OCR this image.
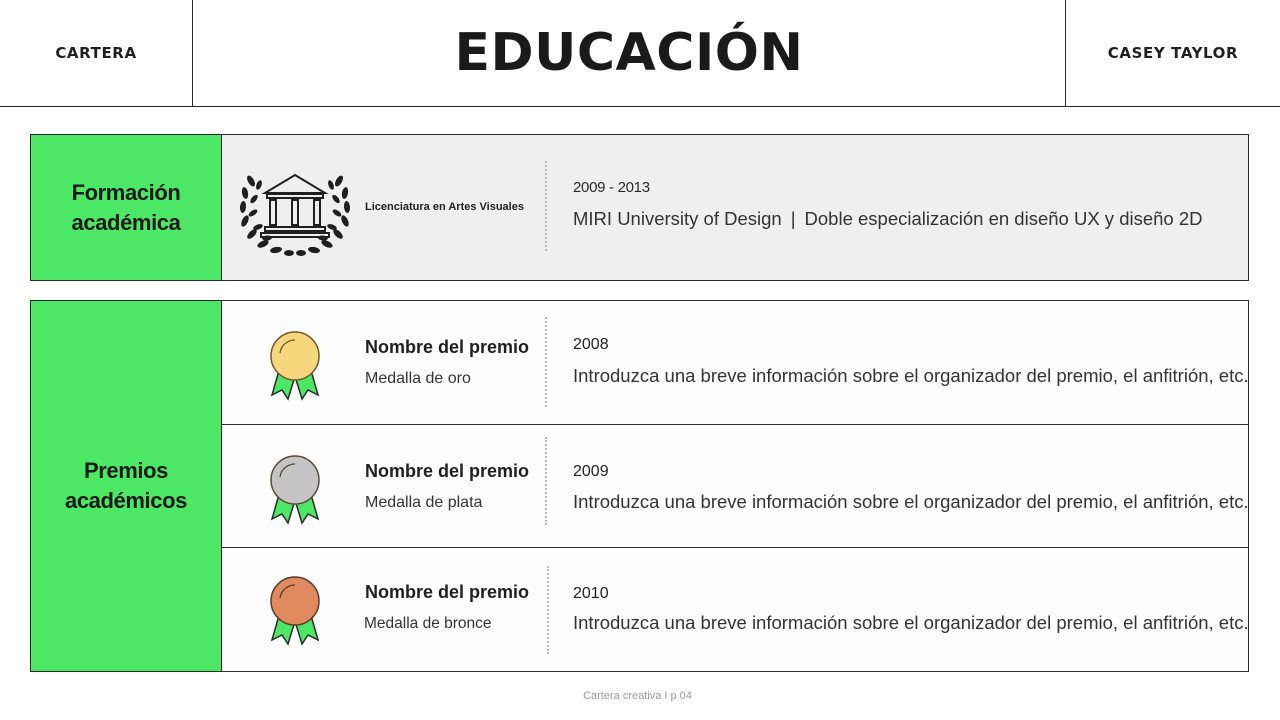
CARTERA	EDUCACIÓN	CASEY TAYLOR
Formación académica
Licenciatura en Artes Visuales
2009 - 2013
MIRI University of Design | Doble especialización en diseño UX y diseño 2D
Premios académicos
Nombre del premio
Medalla de oro
2008
Introduzca una breve información sobre el organizador del premio, el anfitrión, etc.
Nombre del premio
Medalla de plata
2009
Introduzca una breve información sobre el organizador del premio, el anfitrión, etc.
Nombre del premio
Medalla de bronce
2010
Introduzca una breve información sobre el organizador del premio, el anfitrión, etc.
Cartera creativa I p 04
